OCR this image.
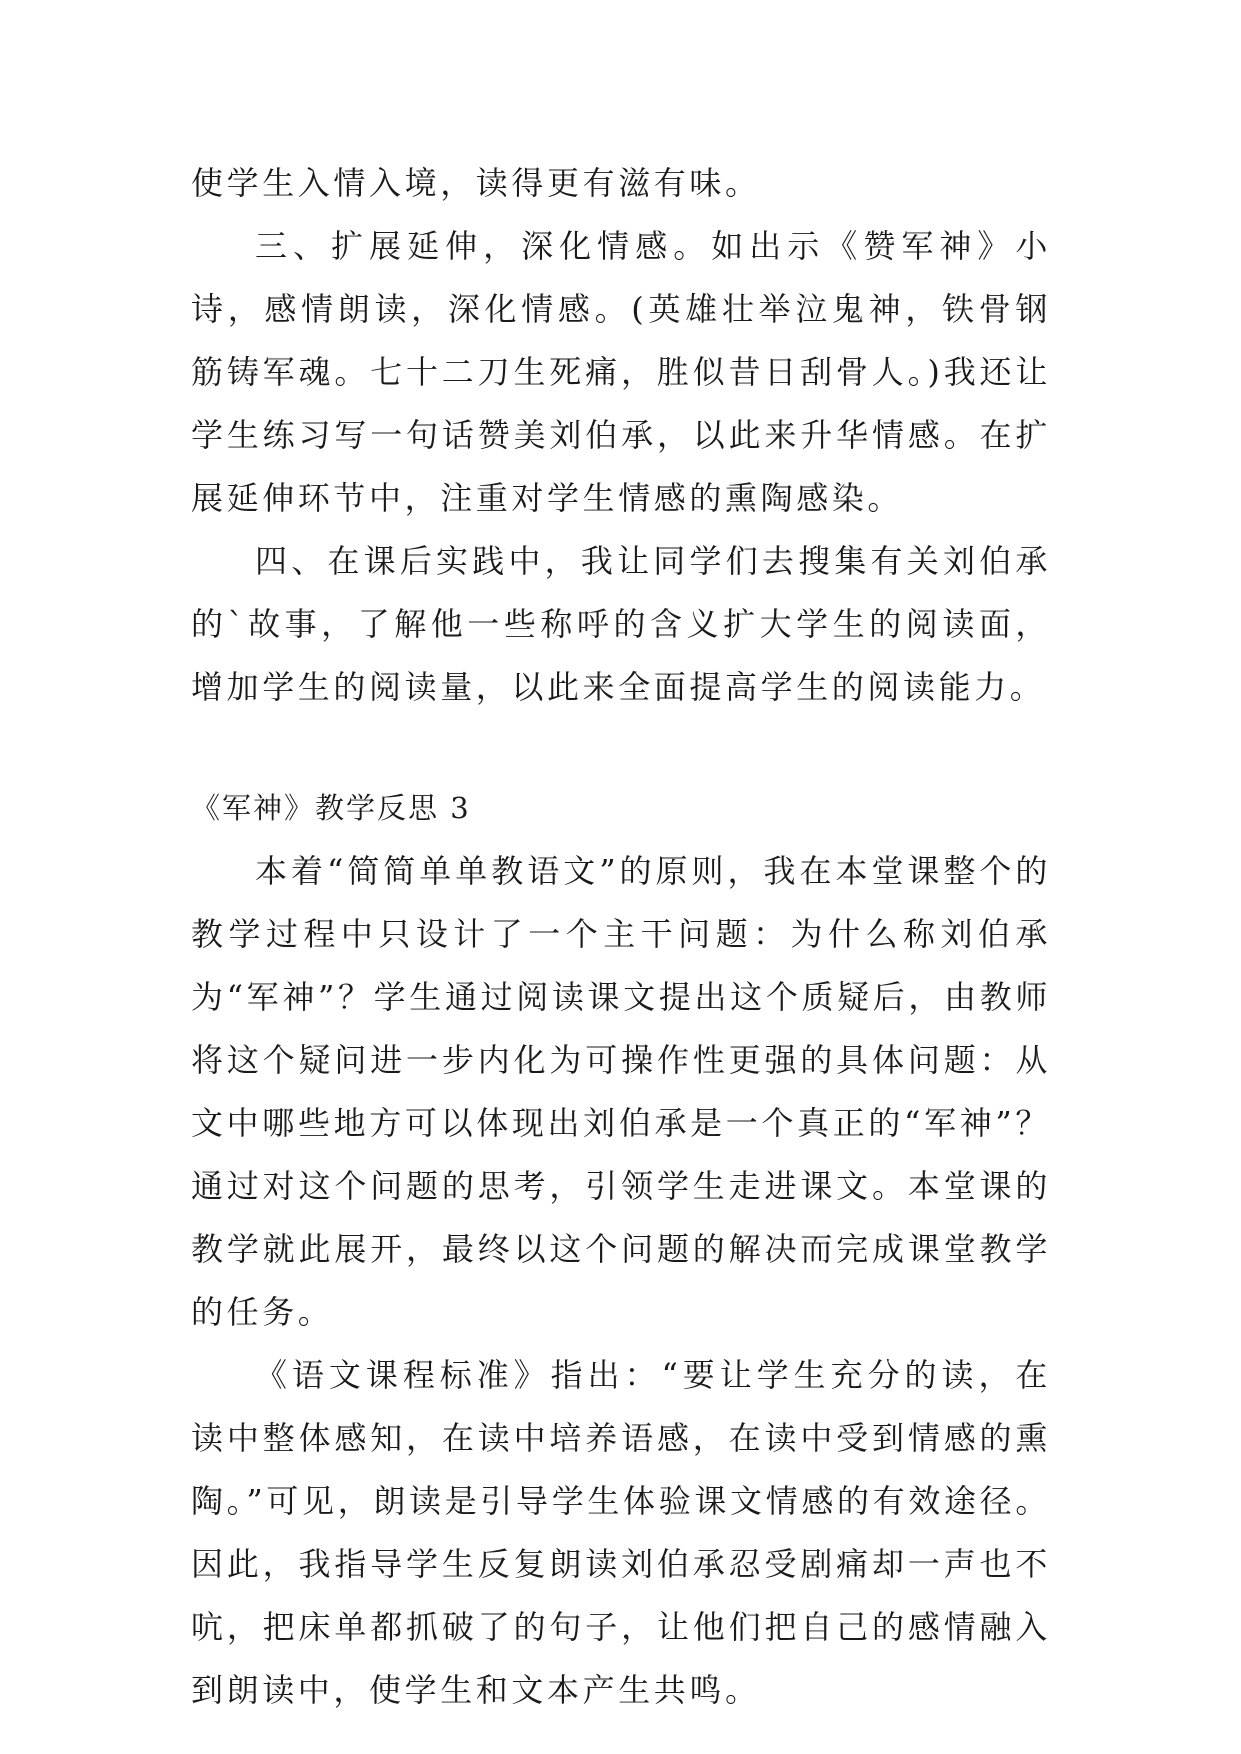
使学生入情入境，读得更有滋有味。

三、扩展延伸，深化情感。如出示《赞军神》小诗，感情朗读，深化情感。(英雄壮举泣鬼神，铁骨钢筋铸军魂。七十二刀生死痛，胜似昔日刮骨人。)我还让学生练习写一句话赞美刘伯承，以此来升华情感。在扩展延伸环节中，注重对学生情感的熏陶感染。

四、在课后实践中，我让同学们去搜集有关刘伯承的`故事，了解他一些称呼的含义扩大学生的阅读面，增加学生的阅读量，以此来全面提高学生的阅读能力。

《军神》教学反思 3

本着“简简单单教语文”的原则，我在本堂课整个的教学过程中只设计了一个主干问题：为什么称刘伯承为“军神”？学生通过阅读课文提出这个质疑后，由教师将这个疑问进一步内化为可操作性更强的具体问题：从文中哪些地方可以体现出刘伯承是一个真正的“军神”？通过对这个问题的思考，引领学生走进课文。本堂课的教学就此展开，最终以这个问题的解决而完成课堂教学的任务。

《语文课程标准》指出：“要让学生充分的读，在读中整体感知，在读中培养语感，在读中受到情感的熏陶。”可见，朗读是引导学生体验课文情感的有效途径。因此，我指导学生反复朗读刘伯承忍受剧痛却一声也不吭，把床单都抓破了的句子，让他们把自己的感情融入到朗读中，使学生和文本产生共鸣。
